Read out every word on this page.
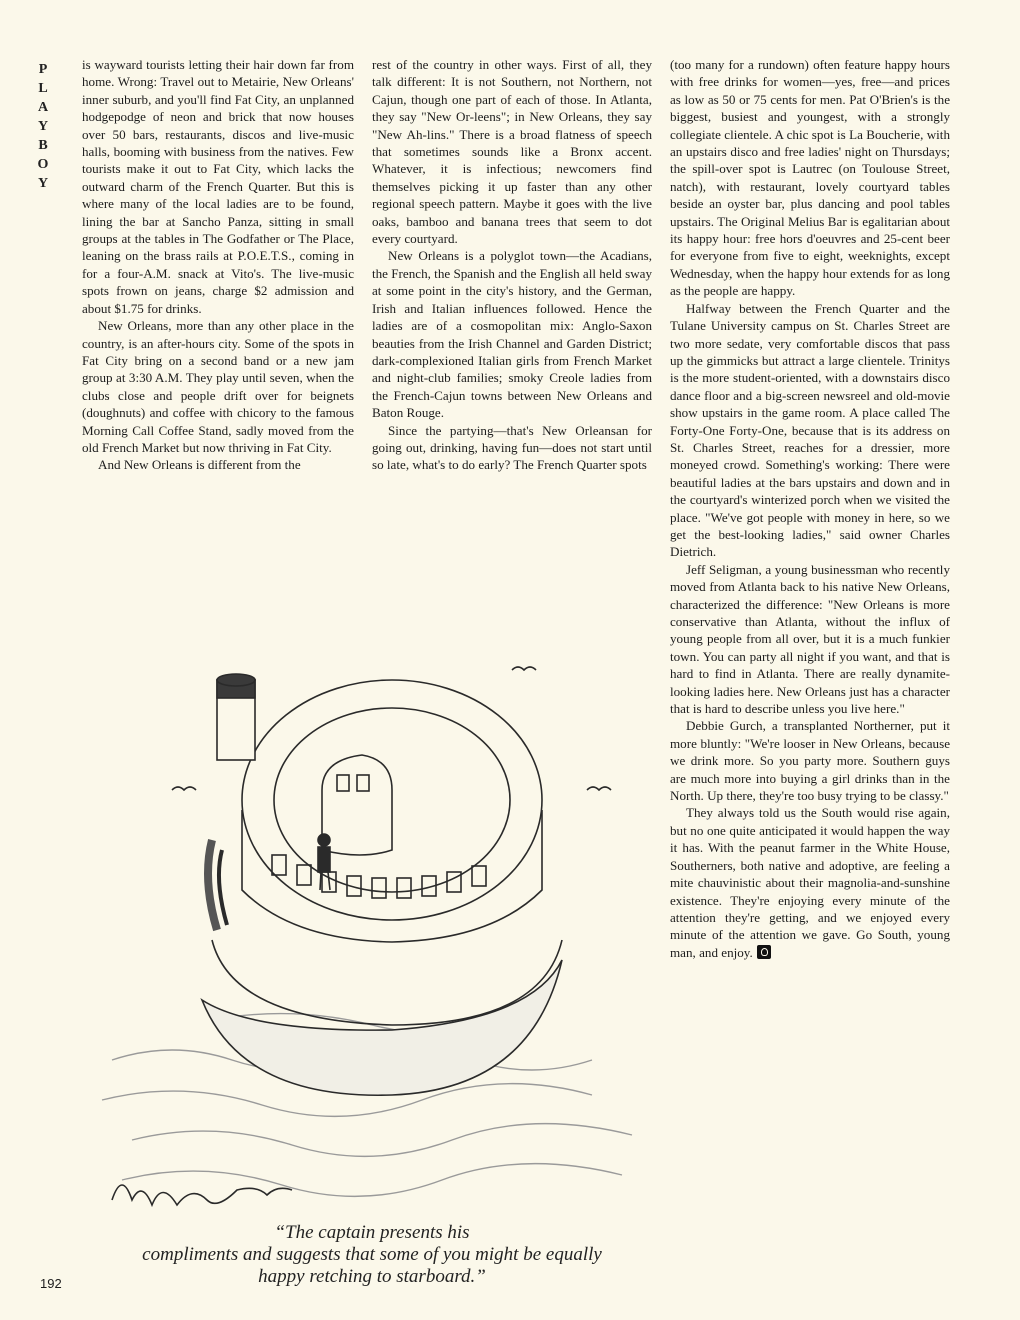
P
L
A
Y
B
O
Y

is wayward tourists letting their hair down far from home. Wrong: Travel out to Metairie, New Orleans' inner suburb, and you'll find Fat City, an unplanned hodgepodge of neon and brick that now houses over 50 bars, restaurants, discos and live-music halls, booming with business from the natives. Few tourists make it out to Fat City, which lacks the outward charm of the French Quarter. But this is where many of the local ladies are to be found, lining the bar at Sancho Panza, sitting in small groups at the tables in The Godfather or The Place, leaning on the brass rails at P.O.E.T.S., coming in for a four-A.M. snack at Vito's. The live-music spots frown on jeans, charge $2 admission and about $1.75 for drinks.

New Orleans, more than any other place in the country, is an after-hours city. Some of the spots in Fat City bring on a second band or a new jam group at 3:30 A.M. They play until seven, when the clubs close and people drift over for beignets (doughnuts) and coffee with chicory to the famous Morning Call Coffee Stand, sadly moved from the old French Market but now thriving in Fat City.

And New Orleans is different from the

rest of the country in other ways. First of all, they talk different: It is not Southern, not Northern, not Cajun, though one part of each of those. In Atlanta, they say "New Or-leens"; in New Orleans, they say "New Ah-lins." There is a broad flatness of speech that sometimes sounds like a Bronx accent. Whatever, it is infectious; newcomers find themselves picking it up faster than any other regional speech pattern. Maybe it goes with the live oaks, bamboo and banana trees that seem to dot every courtyard.

New Orleans is a polyglot town—the Acadians, the French, the Spanish and the English all held sway at some point in the city's history, and the German, Irish and Italian influences followed. Hence the ladies are of a cosmopolitan mix: Anglo-Saxon beauties from the Irish Channel and Garden District; dark-complexioned Italian girls from French Market and night-club families; smoky Creole ladies from the French-Cajun towns between New Orleans and Baton Rouge.

Since the partying—that's New Orleansan for going out, drinking, having fun—does not start until so late, what's to do early? The French Quarter spots

(too many for a rundown) often feature happy hours with free drinks for women—yes, free—and prices as low as 50 or 75 cents for men. Pat O'Brien's is the biggest, busiest and youngest, with a strongly collegiate clientele. A chic spot is La Boucherie, with an upstairs disco and free ladies' night on Thursdays; the spill-over spot is Lautrec (on Toulouse Street, natch), with restaurant, lovely courtyard tables beside an oyster bar, plus dancing and pool tables upstairs. The Original Melius Bar is egalitarian about its happy hour: free hors d'oeuvres and 25-cent beer for everyone from five to eight, weeknights, except Wednesday, when the happy hour extends for as long as the people are happy.

Halfway between the French Quarter and the Tulane University campus on St. Charles Street are two more sedate, very comfortable discos that pass up the gimmicks but attract a large clientele. Trinitys is the more student-oriented, with a downstairs disco dance floor and a big-screen newsreel and old-movie show upstairs in the game room. A place called The Forty-One Forty-One, because that is its address on St. Charles Street, reaches for a dressier, more moneyed crowd. Something's working: There were beautiful ladies at the bars upstairs and down and in the courtyard's winterized porch when we visited the place. "We've got people with money in here, so we get the best-looking ladies," said owner Charles Dietrich.

Jeff Seligman, a young businessman who recently moved from Atlanta back to his native New Orleans, characterized the difference: "New Orleans is more conservative than Atlanta, without the influx of young people from all over, but it is a much funkier town. You can party all night if you want, and that is hard to find in Atlanta. There are really dynamite-looking ladies here. New Orleans just has a character that is hard to describe unless you live here."

Debbie Gurch, a transplanted Northerner, put it more bluntly: "We're looser in New Orleans, because we drink more. So you party more. Southern guys are much more into buying a girl drinks than in the North. Up there, they're too busy trying to be classy."

They always told us the South would rise again, but no one quite anticipated it would happen the way it has. With the peanut farmer in the White House, Southerners, both native and adoptive, are feeling a mite chauvinistic about their magnolia-and-sunshine existence. They're enjoying every minute of the attention they're getting, and we enjoyed every minute of the attention we gave. Go South, young man, and enjoy.

“The captain presents his
compliments and suggests that some of you might be equally
happy retching to starboard.”
192
